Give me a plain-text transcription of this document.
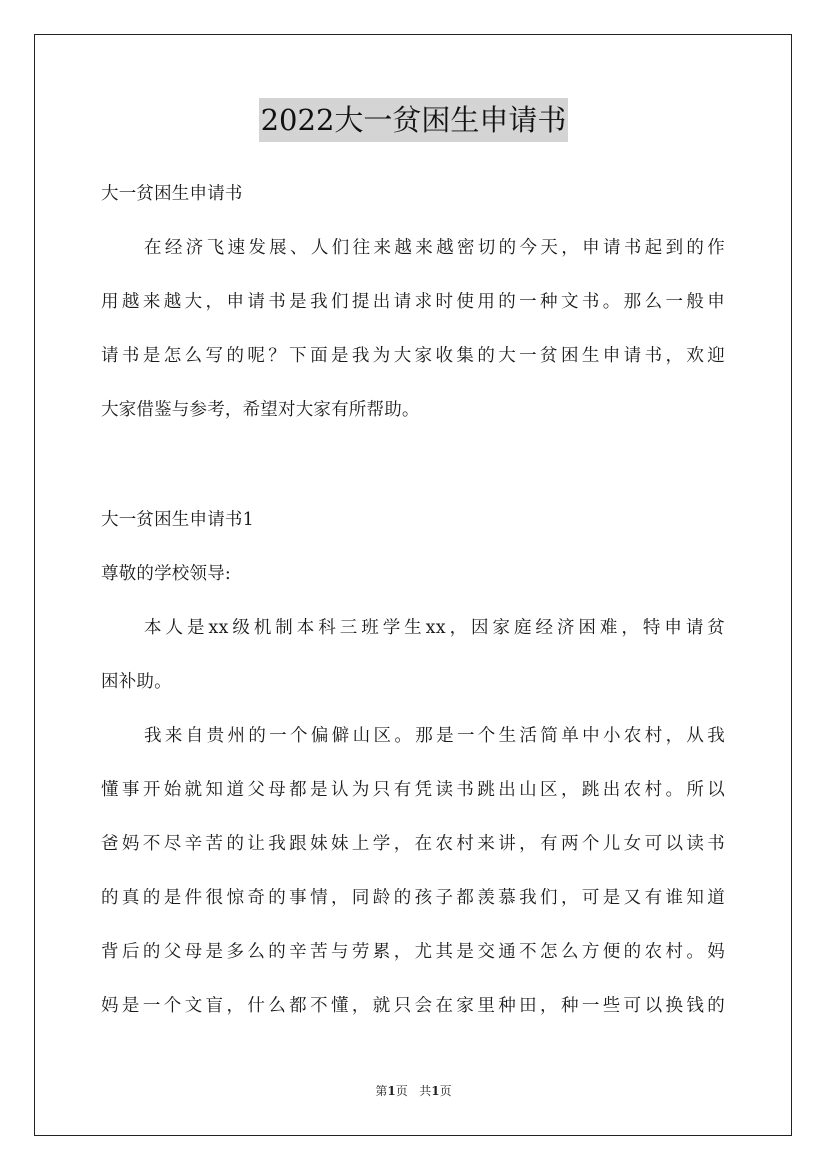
2022大一贫困生申请书
大一贫困生申请书
在经济飞速发展、人们往来越来越密切的今天，申请书起到的作
用越来越大，申请书是我们提出请求时使用的一种文书。那么一般申
请书是怎么写的呢？下面是我为大家收集的大一贫困生申请书，欢迎
大家借鉴与参考，希望对大家有所帮助。
大一贫困生申请书1
尊敬的学校领导:
本人是xx级机制本科三班学生xx，因家庭经济困难，特申请贫
困补助。
我来自贵州的一个偏僻山区。那是一个生活简单中小农村，从我
懂事开始就知道父母都是认为只有凭读书跳出山区，跳出农村。所以
爸妈不尽辛苦的让我跟妹妹上学，在农村来讲，有两个儿女可以读书
的真的是件很惊奇的事情，同龄的孩子都羡慕我们，可是又有谁知道
背后的父母是多么的辛苦与劳累，尤其是交通不怎么方便的农村。妈
妈是一个文盲，什么都不懂，就只会在家里种田，种一些可以换钱的
第1页 共1页
